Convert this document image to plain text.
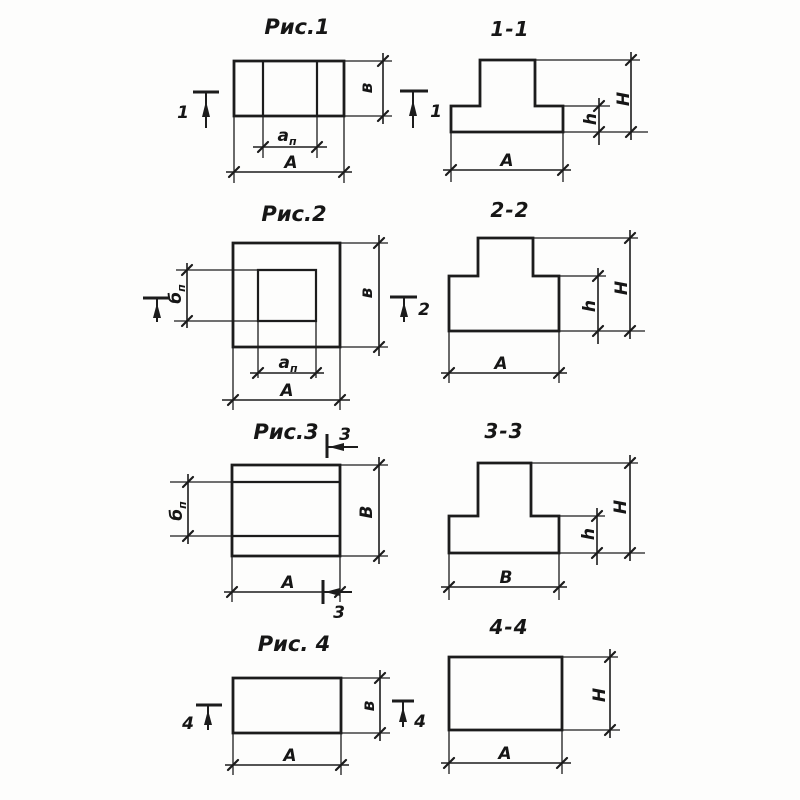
Рис.1
$а_п$
А
в
1	1
1-1
Н
h
А
Рис.2
$б_п$
$а_п$
А
в
2
2-2
Н
h
А
Рис.3
$б_п$
В
А
3
3
3-3
Н
h
В
Рис. 4
в
А
4	4
4-4
Н
А
